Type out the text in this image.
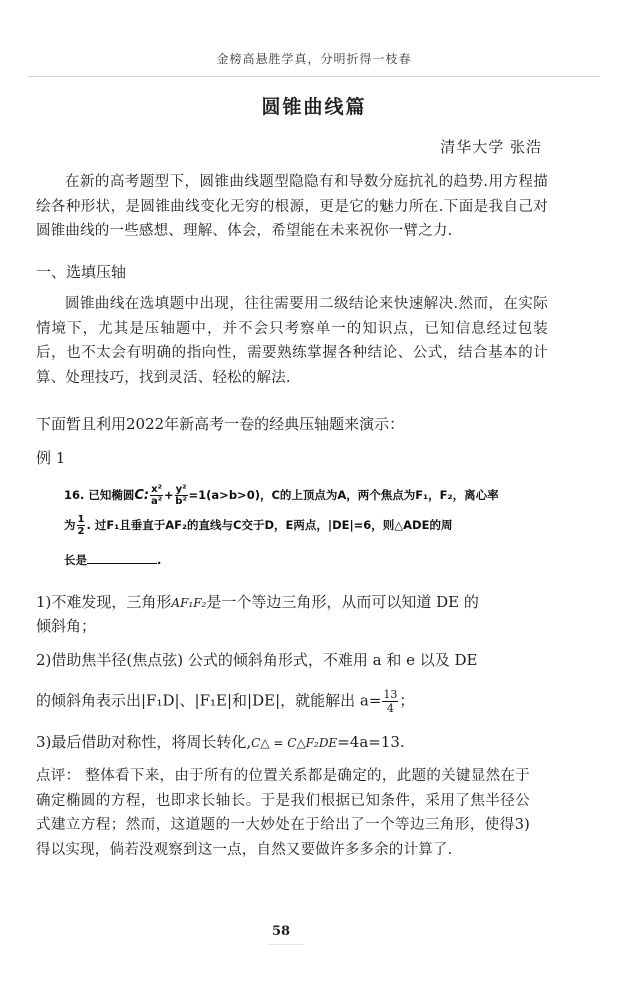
金榜高悬胜学真，分明折得一枝春
圆锥曲线篇
清华大学 张浩
在新的高考题型下，圆锥曲线题型隐隐有和导数分庭抗礼的趋势.用方程描绘各种形状，是圆锥曲线变化无穷的根源，更是它的魅力所在.下面是我自己对圆锥曲线的一些感想、理解、体会，希望能在未来祝你一臂之力.
一、选填压轴
圆锥曲线在选填题中出现，往往需要用二级结论来快速解决.然而，在实际情境下，尤其是压轴题中，并不会只考察单一的知识点，已知信息经过包装后，也不太会有明确的指向性，需要熟练掌握各种结论、公式，结合基本的计算、处理技巧，找到灵活、轻松的解法.
下面暂且利用2022年新高考一卷的经典压轴题来演示：
例 1
16. 已知椭圆C: $\frac{\text{x²}}{\text{a²}} + \frac{\text{y²}}{\text{b²}} =1(a>b>0)$，C的上顶点为A，两个焦点为F₁，F₂，离心率
为 $\frac{1}{2}$ . 过F₁且垂直于AF₂的直线与C交于D，E两点，|DE|=6，则△ADE的周
长是	.
1)不难发现，三角形AF₁F₂是一个等边三角形，从而可以知道 DE 的
倾斜角；
2)借助焦半径(焦点弦) 公式的倾斜角形式，不难用 a 和 e 以及 DE
的倾斜角表示出|F₁D|、|F₁E|和|DE|，就能解出 $a= \frac{13}{4}$ ；
3)最后借助对称性，将周长转化,C△ = C△F₂DE=4a=13.
点评： 整体看下来，由于所有的位置关系都是确定的，此题的关键显然在于确定椭圆的方程，也即求长轴长。于是我们根据已知条件，采用了焦半径公式建立方程；然而，这道题的一大妙处在于给出了一个等边三角形，使得3)得以实现，倘若没观察到这一点，自然又要做许多多余的计算了.
58
